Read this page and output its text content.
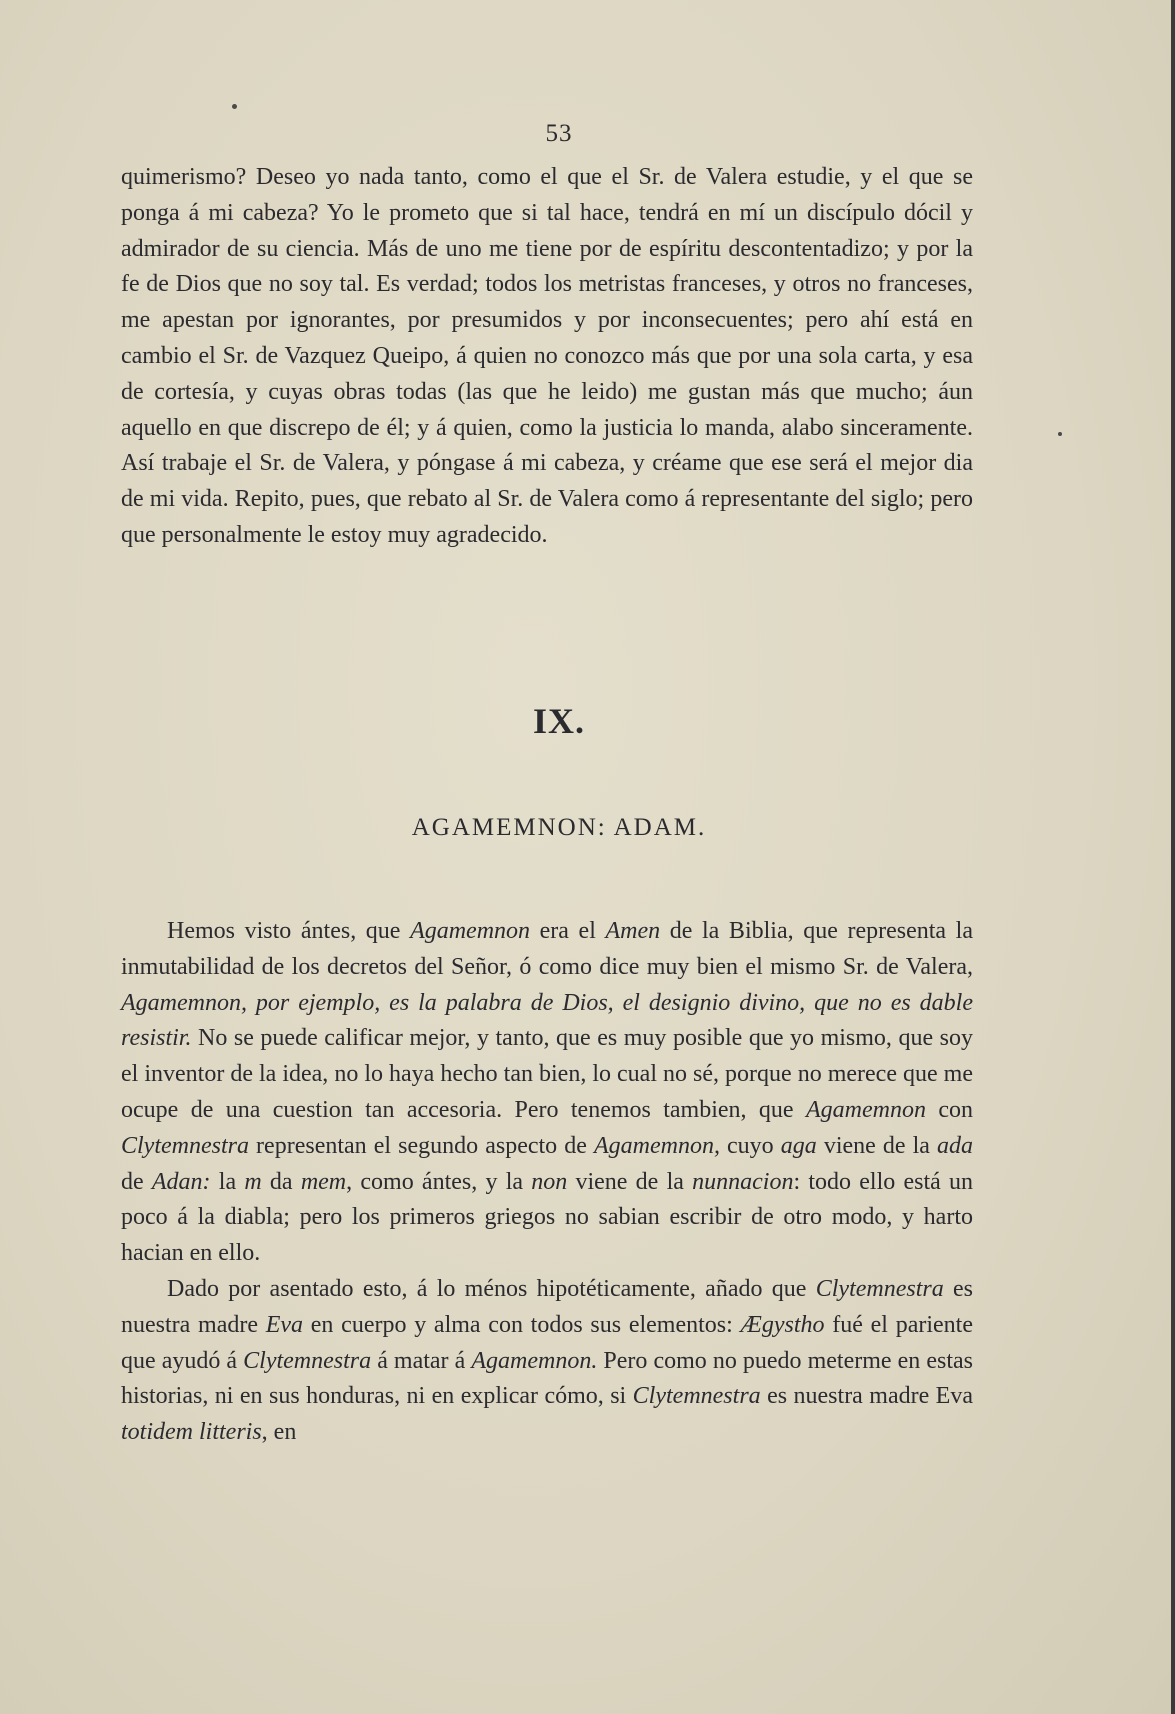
53

quimerismo? Deseo yo nada tanto, como el que el Sr. de Valera estudie, y el que se ponga á mi cabeza? Yo le prometo que si tal hace, tendrá en mí un discípulo dócil y admirador de su ciencia. Más de uno me tiene por de espíritu descontentadizo; y por la fe de Dios que no soy tal. Es verdad; todos los metristas franceses, y otros no franceses, me apestan por ignorantes, por presumidos y por inconsecuentes; pero ahí está en cambio el Sr. de Vazquez Queipo, á quien no conozco más que por una sola carta, y esa de cortesía, y cuyas obras todas (las que he leido) me gustan más que mucho; áun aquello en que discrepo de él; y á quien, como la justicia lo manda, alabo sinceramente. Así trabaje el Sr. de Valera, y póngase á mi cabeza, y créame que ese será el mejor dia de mi vida. Repito, pues, que rebato al Sr. de Valera como á representante del siglo; pero que personalmente le estoy muy agradecido.

IX.
AGAMEMNON: ADAM.

Hemos visto ántes, que Agamemnon era el Amen de la Biblia, que representa la inmutabilidad de los decretos del Señor, ó como dice muy bien el mismo Sr. de Valera, Agamemnon, por ejemplo, es la palabra de Dios, el designio divino, que no es dable resistir. No se puede calificar mejor, y tanto, que es muy posible que yo mismo, que soy el inventor de la idea, no lo haya hecho tan bien, lo cual no sé, porque no merece que me ocupe de una cuestion tan accesoria. Pero tenemos tambien, que Agamemnon con Clytemnestra representan el segundo aspecto de Agamemnon, cuyo aga viene de la ada de Adan: la m da mem, como ántes, y la non viene de la nunnacion: todo ello está un poco á la diabla; pero los primeros griegos no sabian escribir de otro modo, y harto hacian en ello.

Dado por asentado esto, á lo ménos hipotéticamente, añado que Clytemnestra es nuestra madre Eva en cuerpo y alma con todos sus elementos: Ægystho fué el pariente que ayudó á Clytemnestra á matar á Agamemnon. Pero como no puedo meterme en estas historias, ni en sus honduras, ni en explicar cómo, si Clytemnestra es nuestra madre Eva totidem litteris, en
